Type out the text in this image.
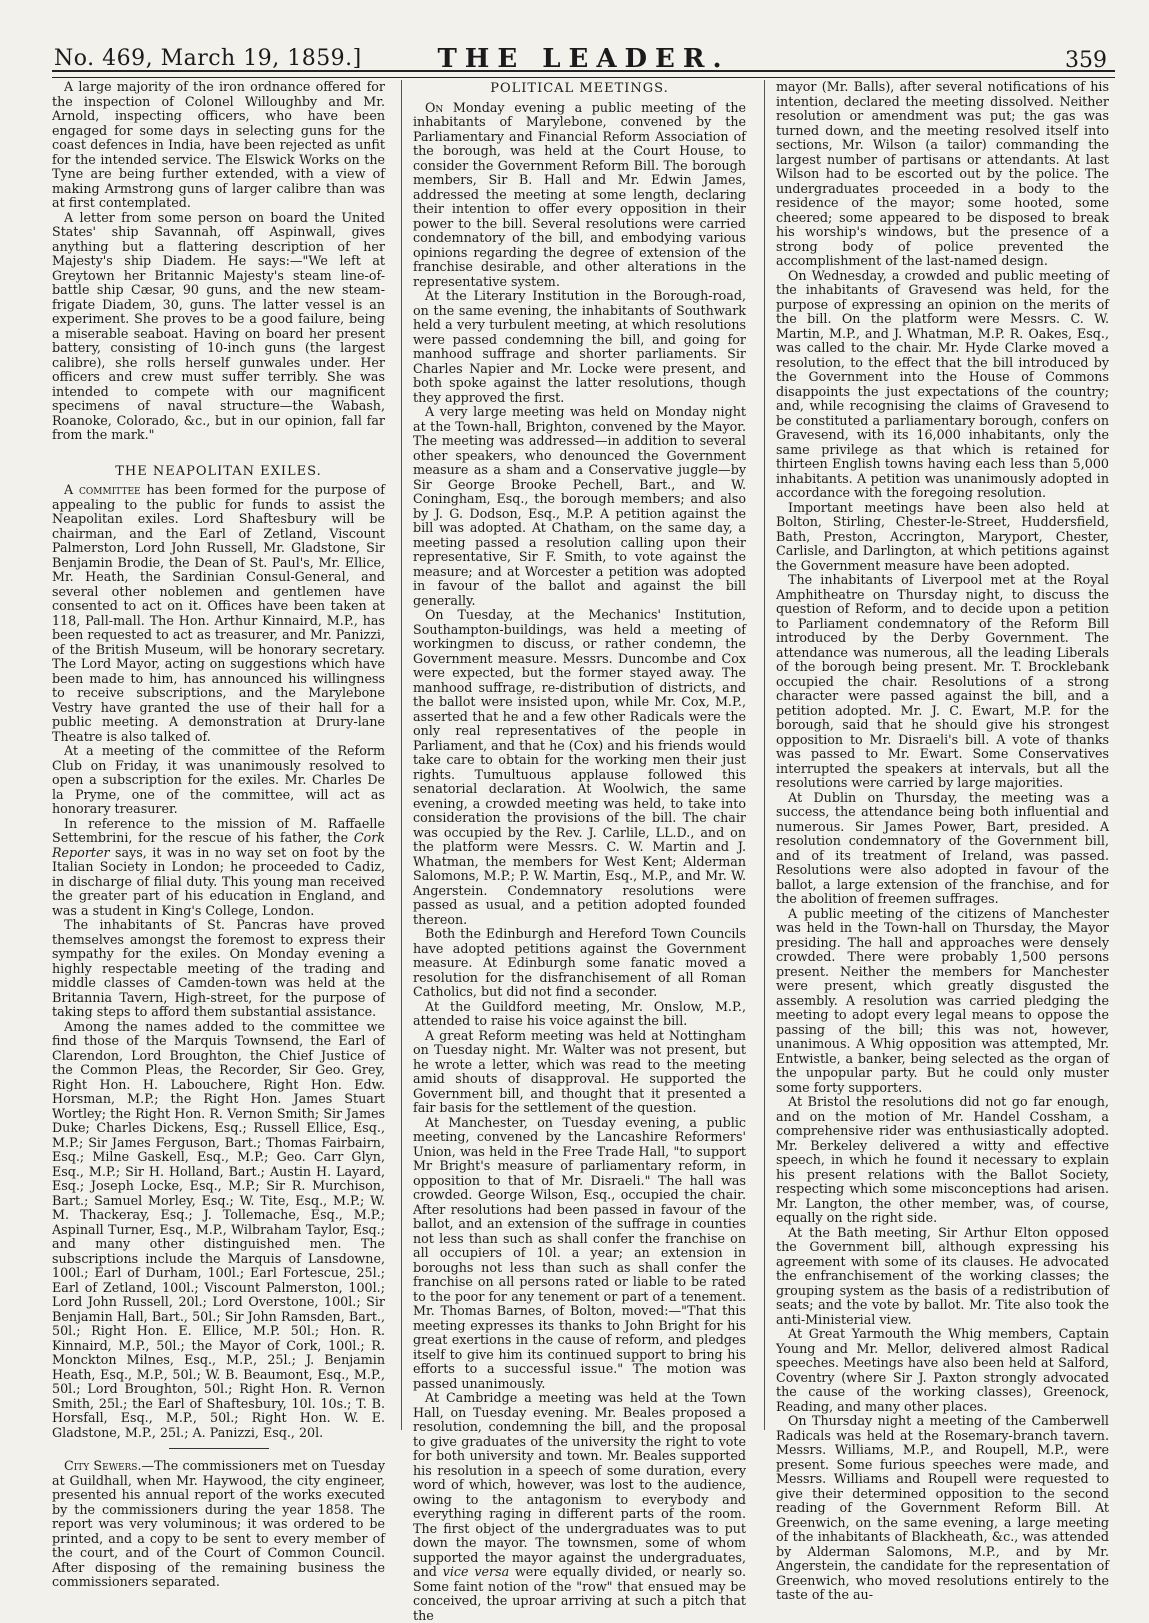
No. 469, March 19, 1859.]	THE LEADER.	359

A large majority of the iron ordnance offered for the inspection of Colonel Willoughby and Mr. Arnold, inspecting officers, who have been engaged for some days in selecting guns for the coast defences in India, have been rejected as unfit for the intended service. The Elswick Works on the Tyne are being further extended, with a view of making Armstrong guns of larger calibre than was at first contemplated.

A letter from some person on board the United States' ship Savannah, off Aspinwall, gives anything but a flattering description of her Majesty's ship Diadem. He says:—"We left at Greytown her Britannic Majesty's steam line-of-battle ship Cæsar, 90 guns, and the new steam-frigate Diadem, 30, guns. The latter vessel is an experiment. She proves to be a good failure, being a miserable seaboat. Having on board her present battery, consisting of 10-inch guns (the largest calibre), she rolls herself gunwales under. Her officers and crew must suffer terribly. She was intended to compete with our magnificent specimens of naval structure—the Wabash, Roanoke, Colorado, &c., but in our opinion, fall far from the mark."

THE NEAPOLITAN EXILES.

A committee has been formed for the purpose of appealing to the public for funds to assist the Neapolitan exiles. Lord Shaftesbury will be chairman, and the Earl of Zetland, Viscount Palmerston, Lord John Russell, Mr. Gladstone, Sir Benjamin Brodie, the Dean of St. Paul's, Mr. Ellice, Mr. Heath, the Sardinian Consul-General, and several other noblemen and gentlemen have consented to act on it. Offices have been taken at 118, Pall-mall. The Hon. Arthur Kinnaird, M.P., has been requested to act as treasurer, and Mr. Panizzi, of the British Museum, will be honorary secretary. The Lord Mayor, acting on suggestions which have been made to him, has announced his willingness to receive subscriptions, and the Marylebone Vestry have granted the use of their hall for a public meeting. A demonstration at Drury-lane Theatre is also talked of.

At a meeting of the committee of the Reform Club on Friday, it was unanimously resolved to open a subscription for the exiles. Mr. Charles De la Pryme, one of the committee, will act as honorary treasurer.

In reference to the mission of M. Raffaelle Settembrini, for the rescue of his father, the Cork Reporter says, it was in no way set on foot by the Italian Society in London; he proceeded to Cadiz, in discharge of filial duty. This young man received the greater part of his education in England, and was a student in King's College, London.

The inhabitants of St. Pancras have proved themselves amongst the foremost to express their sympathy for the exiles. On Monday evening a highly respectable meeting of the trading and middle classes of Camden-town was held at the Britannia Tavern, High-street, for the purpose of taking steps to afford them substantial assistance.

Among the names added to the committee we find those of the Marquis Townsend, the Earl of Clarendon, Lord Broughton, the Chief Justice of the Common Pleas, the Recorder, Sir Geo. Grey, Right Hon. H. Labouchere, Right Hon. Edw. Horsman, M.P.; the Right Hon. James Stuart Wortley; the Right Hon. R. Vernon Smith; Sir James Duke; Charles Dickens, Esq.; Russell Ellice, Esq., M.P.; Sir James Ferguson, Bart.; Thomas Fairbairn, Esq.; Milne Gaskell, Esq., M.P.; Geo. Carr Glyn, Esq., M.P.; Sir H. Holland, Bart.; Austin H. Layard, Esq.; Joseph Locke, Esq., M.P.; Sir R. Murchison, Bart.; Samuel Morley, Esq.; W. Tite, Esq., M.P.; W. M. Thackeray, Esq.; J. Tollemache, Esq., M.P.; Aspinall Turner, Esq., M.P., Wilbraham Taylor, Esq.; and many other distinguished men. The subscriptions include the Marquis of Lansdowne, 100l.; Earl of Durham, 100l.; Earl Fortescue, 25l.; Earl of Zetland, 100l.; Viscount Palmerston, 100l.; Lord John Russell, 20l.; Lord Overstone, 100l.; Sir Benjamin Hall, Bart., 50l.; Sir John Ramsden, Bart., 50l.; Right Hon. E. Ellice, M.P. 50l.; Hon. R. Kinnaird, M.P., 50l.; the Mayor of Cork, 100l.; R. Monckton Milnes, Esq., M.P., 25l.; J. Benjamin Heath, Esq., M.P., 50l.; W. B. Beaumont, Esq., M.P., 50l.; Lord Broughton, 50l.; Right Hon. R. Vernon Smith, 25l.; the Earl of Shaftesbury, 10l. 10s.; T. B. Horsfall, Esq., M.P., 50l.; Right Hon. W. E. Gladstone, M.P., 25l.; A. Panizzi, Esq., 20l.

City Sewers.—The commissioners met on Tuesday at Guildhall, when Mr. Haywood, the city engineer, presented his annual report of the works executed by the commissioners during the year 1858. The report was very voluminous; it was ordered to be printed, and a copy to be sent to every member of the court, and of the Court of Common Council. After disposing of the remaining business the commissioners separated.

POLITICAL MEETINGS.

On Monday evening a public meeting of the inhabitants of Marylebone, convened by the Parliamentary and Financial Reform Association of the borough, was held at the Court House, to consider the Government Reform Bill. The borough members, Sir B. Hall and Mr. Edwin James, addressed the meeting at some length, declaring their intention to offer every opposition in their power to the bill. Several resolutions were carried condemnatory of the bill, and embodying various opinions regarding the degree of extension of the franchise desirable, and other alterations in the representative system.

At the Literary Institution in the Borough-road, on the same evening, the inhabitants of Southwark held a very turbulent meeting, at which resolutions were passed condemning the bill, and going for manhood suffrage and shorter parliaments. Sir Charles Napier and Mr. Locke were present, and both spoke against the latter resolutions, though they approved the first.

A very large meeting was held on Monday night at the Town-hall, Brighton, convened by the Mayor. The meeting was addressed—in addition to several other speakers, who denounced the Government measure as a sham and a Conservative juggle—by Sir George Brooke Pechell, Bart., and W. Coningham, Esq., the borough members; and also by J. G. Dodson, Esq., M.P. A petition against the bill was adopted. At Chatham, on the same day, a meeting passed a resolution calling upon their representative, Sir F. Smith, to vote against the measure; and at Worcester a petition was adopted in favour of the ballot and against the bill generally.

On Tuesday, at the Mechanics' Institution, Southampton-buildings, was held a meeting of workingmen to discuss, or rather condemn, the Government measure. Messrs. Duncombe and Cox were expected, but the former stayed away. The manhood suffrage, re-distribution of districts, and the ballot were insisted upon, while Mr. Cox, M.P., asserted that he and a few other Radicals were the only real representatives of the people in Parliament, and that he (Cox) and his friends would take care to obtain for the working men their just rights. Tumultuous applause followed this senatorial declaration. At Woolwich, the same evening, a crowded meeting was held, to take into consideration the provisions of the bill. The chair was occupied by the Rev. J. Carlile, LL.D., and on the platform were Messrs. C. W. Martin and J. Whatman, the members for West Kent; Alderman Salomons, M.P.; P. W. Martin, Esq., M.P., and Mr. W. Angerstein. Condemnatory resolutions were passed as usual, and a petition adopted founded thereon.

Both the Edinburgh and Hereford Town Councils have adopted petitions against the Government measure. At Edinburgh some fanatic moved a resolution for the disfranchisement of all Roman Catholics, but did not find a seconder.

At the Guildford meeting, Mr. Onslow, M.P., attended to raise his voice against the bill.

A great Reform meeting was held at Nottingham on Tuesday night. Mr. Walter was not present, but he wrote a letter, which was read to the meeting amid shouts of disapproval. He supported the Government bill, and thought that it presented a fair basis for the settlement of the question.

At Manchester, on Tuesday evening, a public meeting, convened by the Lancashire Reformers' Union, was held in the Free Trade Hall, "to support Mr Bright's measure of parliamentary reform, in opposition to that of Mr. Disraeli." The hall was crowded. George Wilson, Esq., occupied the chair. After resolutions had been passed in favour of the ballot, and an extension of the suffrage in counties not less than such as shall confer the franchise on all occupiers of 10l. a year; an extension in boroughs not less than such as shall confer the franchise on all persons rated or liable to be rated to the poor for any tenement or part of a tenement. Mr. Thomas Barnes, of Bolton, moved:—"That this meeting expresses its thanks to John Bright for his great exertions in the cause of reform, and pledges itself to give him its continued support to bring his efforts to a successful issue." The motion was passed unanimously.

At Cambridge a meeting was held at the Town Hall, on Tuesday evening. Mr. Beales proposed a resolution, condemning the bill, and the proposal to give graduates of the university the right to vote for both university and town. Mr. Beales supported his resolution in a speech of some duration, every word of which, however, was lost to the audience, owing to the antagonism to everybody and everything raging in different parts of the room. The first object of the undergraduates was to put down the mayor. The townsmen, some of whom supported the mayor against the undergraduates, and vice versa were equally divided, or nearly so. Some faint notion of the "row" that ensued may be conceived, the uproar arriving at such a pitch that the

mayor (Mr. Balls), after several notifications of his intention, declared the meeting dissolved. Neither resolution or amendment was put; the gas was turned down, and the meeting resolved itself into sections, Mr. Wilson (a tailor) commanding the largest number of partisans or attendants. At last Wilson had to be escorted out by the police. The undergraduates proceeded in a body to the residence of the mayor; some hooted, some cheered; some appeared to be disposed to break his worship's windows, but the presence of a strong body of police prevented the accomplishment of the last-named design.

On Wednesday, a crowded and public meeting of the inhabitants of Gravesend was held, for the purpose of expressing an opinion on the merits of the bill. On the platform were Messrs. C. W. Martin, M.P., and J. Whatman, M.P. R. Oakes, Esq., was called to the chair. Mr. Hyde Clarke moved a resolution, to the effect that the bill introduced by the Government into the House of Commons disappoints the just expectations of the country; and, while recognising the claims of Gravesend to be constituted a parliamentary borough, confers on Gravesend, with its 16,000 inhabitants, only the same privilege as that which is retained for thirteen English towns having each less than 5,000 inhabitants. A petition was unanimously adopted in accordance with the foregoing resolution.

Important meetings have been also held at Bolton, Stirling, Chester-le-Street, Huddersfield, Bath, Preston, Accrington, Maryport, Chester, Carlisle, and Darlington, at which petitions against the Government measure have been adopted.

The inhabitants of Liverpool met at the Royal Amphitheatre on Thursday night, to discuss the question of Reform, and to decide upon a petition to Parliament condemnatory of the Reform Bill introduced by the Derby Government. The attendance was numerous, all the leading Liberals of the borough being present. Mr. T. Brocklebank occupied the chair. Resolutions of a strong character were passed against the bill, and a petition adopted. Mr. J. C. Ewart, M.P. for the borough, said that he should give his strongest opposition to Mr. Disraeli's bill. A vote of thanks was passed to Mr. Ewart. Some Conservatives interrupted the speakers at intervals, but all the resolutions were carried by large majorities.

At Dublin on Thursday, the meeting was a success, the attendance being both influential and numerous. Sir James Power, Bart, presided. A resolution condemnatory of the Government bill, and of its treatment of Ireland, was passed. Resolutions were also adopted in favour of the ballot, a large extension of the franchise, and for the abolition of freemen suffrages.

A public meeting of the citizens of Manchester was held in the Town-hall on Thursday, the Mayor presiding. The hall and approaches were densely crowded. There were probably 1,500 persons present. Neither the members for Manchester were present, which greatly disgusted the assembly. A resolution was carried pledging the meeting to adopt every legal means to oppose the passing of the bill; this was not, however, unanimous. A Whig opposition was attempted, Mr. Entwistle, a banker, being selected as the organ of the unpopular party. But he could only muster some forty supporters.

At Bristol the resolutions did not go far enough, and on the motion of Mr. Handel Cossham, a comprehensive rider was enthusiastically adopted. Mr. Berkeley delivered a witty and effective speech, in which he found it necessary to explain his present relations with the Ballot Society, respecting which some misconceptions had arisen. Mr. Langton, the other member, was, of course, equally on the right side.

At the Bath meeting, Sir Arthur Elton opposed the Government bill, although expressing his agreement with some of its clauses. He advocated the enfranchisement of the working classes; the grouping system as the basis of a redistribution of seats; and the vote by ballot. Mr. Tite also took the anti-Ministerial view.

At Great Yarmouth the Whig members, Captain Young and Mr. Mellor, delivered almost Radical speeches. Meetings have also been held at Salford, Coventry (where Sir J. Paxton strongly advocated the cause of the working classes), Greenock, Reading, and many other places.

On Thursday night a meeting of the Camberwell Radicals was held at the Rosemary-branch tavern. Messrs. Williams, M.P., and Roupell, M.P., were present. Some furious speeches were made, and Messrs. Williams and Roupell were requested to give their determined opposition to the second reading of the Government Reform Bill. At Greenwich, on the same evening, a large meeting of the inhabitants of Blackheath, &c., was attended by Alderman Salomons, M.P., and by Mr. Angerstein, the candidate for the representation of Greenwich, who moved resolutions entirely to the taste of the au-
